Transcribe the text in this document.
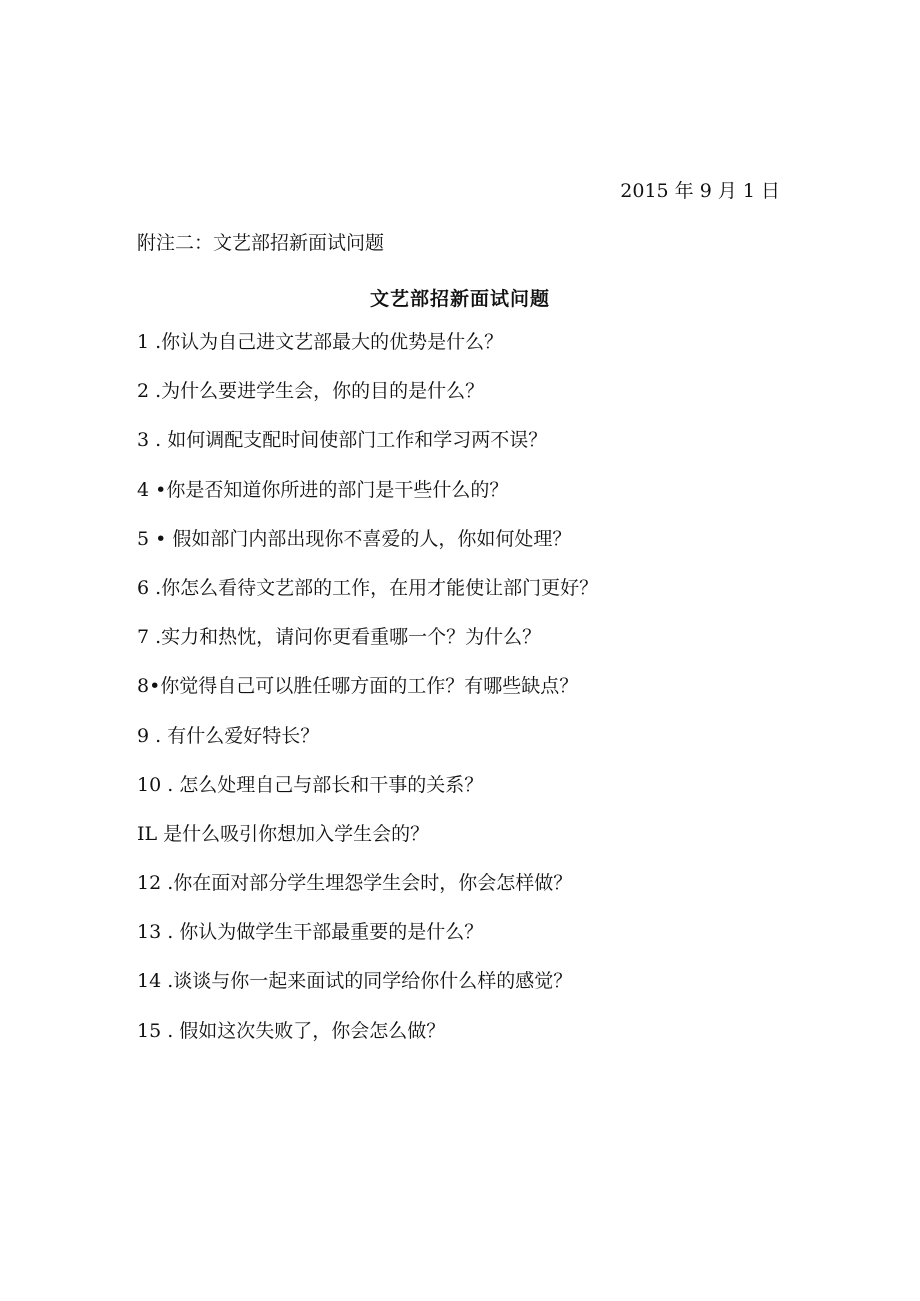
2015 年 9 月 1 日
附注二：文艺部招新面试问题
文艺部招新面试问题
1 .你认为自己进文艺部最大的优势是什么？
2 .为什么要进学生会，你的目的是什么？
3 . 如何调配支配时间使部门工作和学习两不误？
4 •你是否知道你所进的部门是干些什么的？
5 • 假如部门内部出现你不喜爱的人，你如何处理？
6 .你怎么看待文艺部的工作，在用才能使让部门更好？
7 .实力和热忱，请问你更看重哪一个？为什么？
8•你觉得自己可以胜任哪方面的工作？有哪些缺点？
9 . 有什么爱好特长？
10 . 怎么处理自己与部长和干事的关系？
IL 是什么吸引你想加入学生会的？
12 .你在面对部分学生埋怨学生会时，你会怎样做？
13 . 你认为做学生干部最重要的是什么？
14 .谈谈与你一起来面试的同学给你什么样的感觉？
15 . 假如这次失败了，你会怎么做？
